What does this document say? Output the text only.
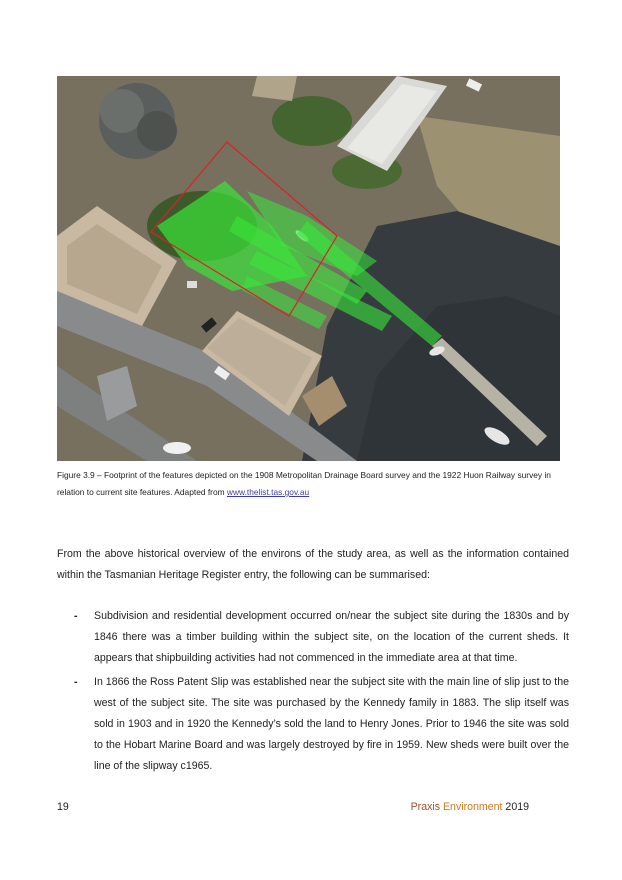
Figure 3.9 – Footprint of the features depicted on the 1908 Metropolitan Drainage Board survey and the 1922 Huon Railway survey in relation to current site features. Adapted from www.thelist.tas.gov.au

From the above historical overview of the environs of the study area, as well as the information contained within the Tasmanian Heritage Register entry, the following can be summarised:

- Subdivision and residential development occurred on/near the subject site during the 1830s and by 1846 there was a timber building within the subject site, on the location of the current sheds. It appears that shipbuilding activities had not commenced in the immediate area at that time.
- In 1866 the Ross Patent Slip was established near the subject site with the main line of slip just to the west of the subject site. The site was purchased by the Kennedy family in 1883. The slip itself was sold in 1903 and in 1920 the Kennedy’s sold the land to Henry Jones. Prior to 1946 the site was sold to the Hobart Marine Board and was largely destroyed by fire in 1959. New sheds were built over the line of the slipway c1965.
19	Praxis Environment 2019
